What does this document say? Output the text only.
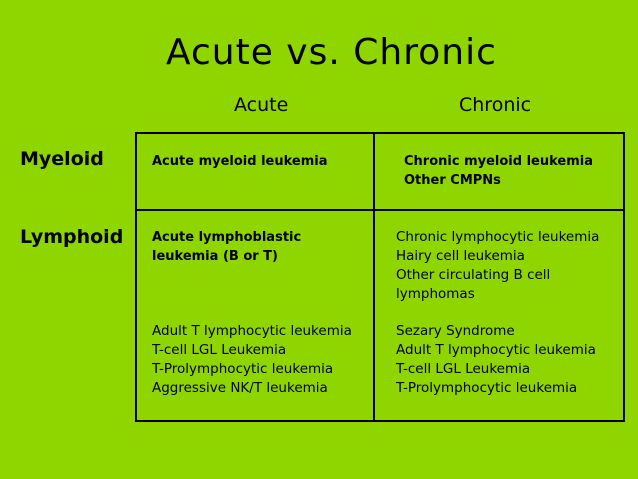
Acute vs. Chronic
Acute	Chronic
Myeloid
Lymphoid
Acute myeloid leukemia	Chronic myeloid leukemia
Other CMPNs
Acute lymphoblastic
leukemia (B or T)
Chronic lymphocytic leukemia
Hairy cell leukemia
Other circulating B cell
lymphomas
Adult T lymphocytic leukemia
T-cell LGL Leukemia
T-Prolymphocytic leukemia
Aggressive NK/T leukemia
Sezary Syndrome
Adult T lymphocytic leukemia
T-cell LGL Leukemia
T-Prolymphocytic leukemia
